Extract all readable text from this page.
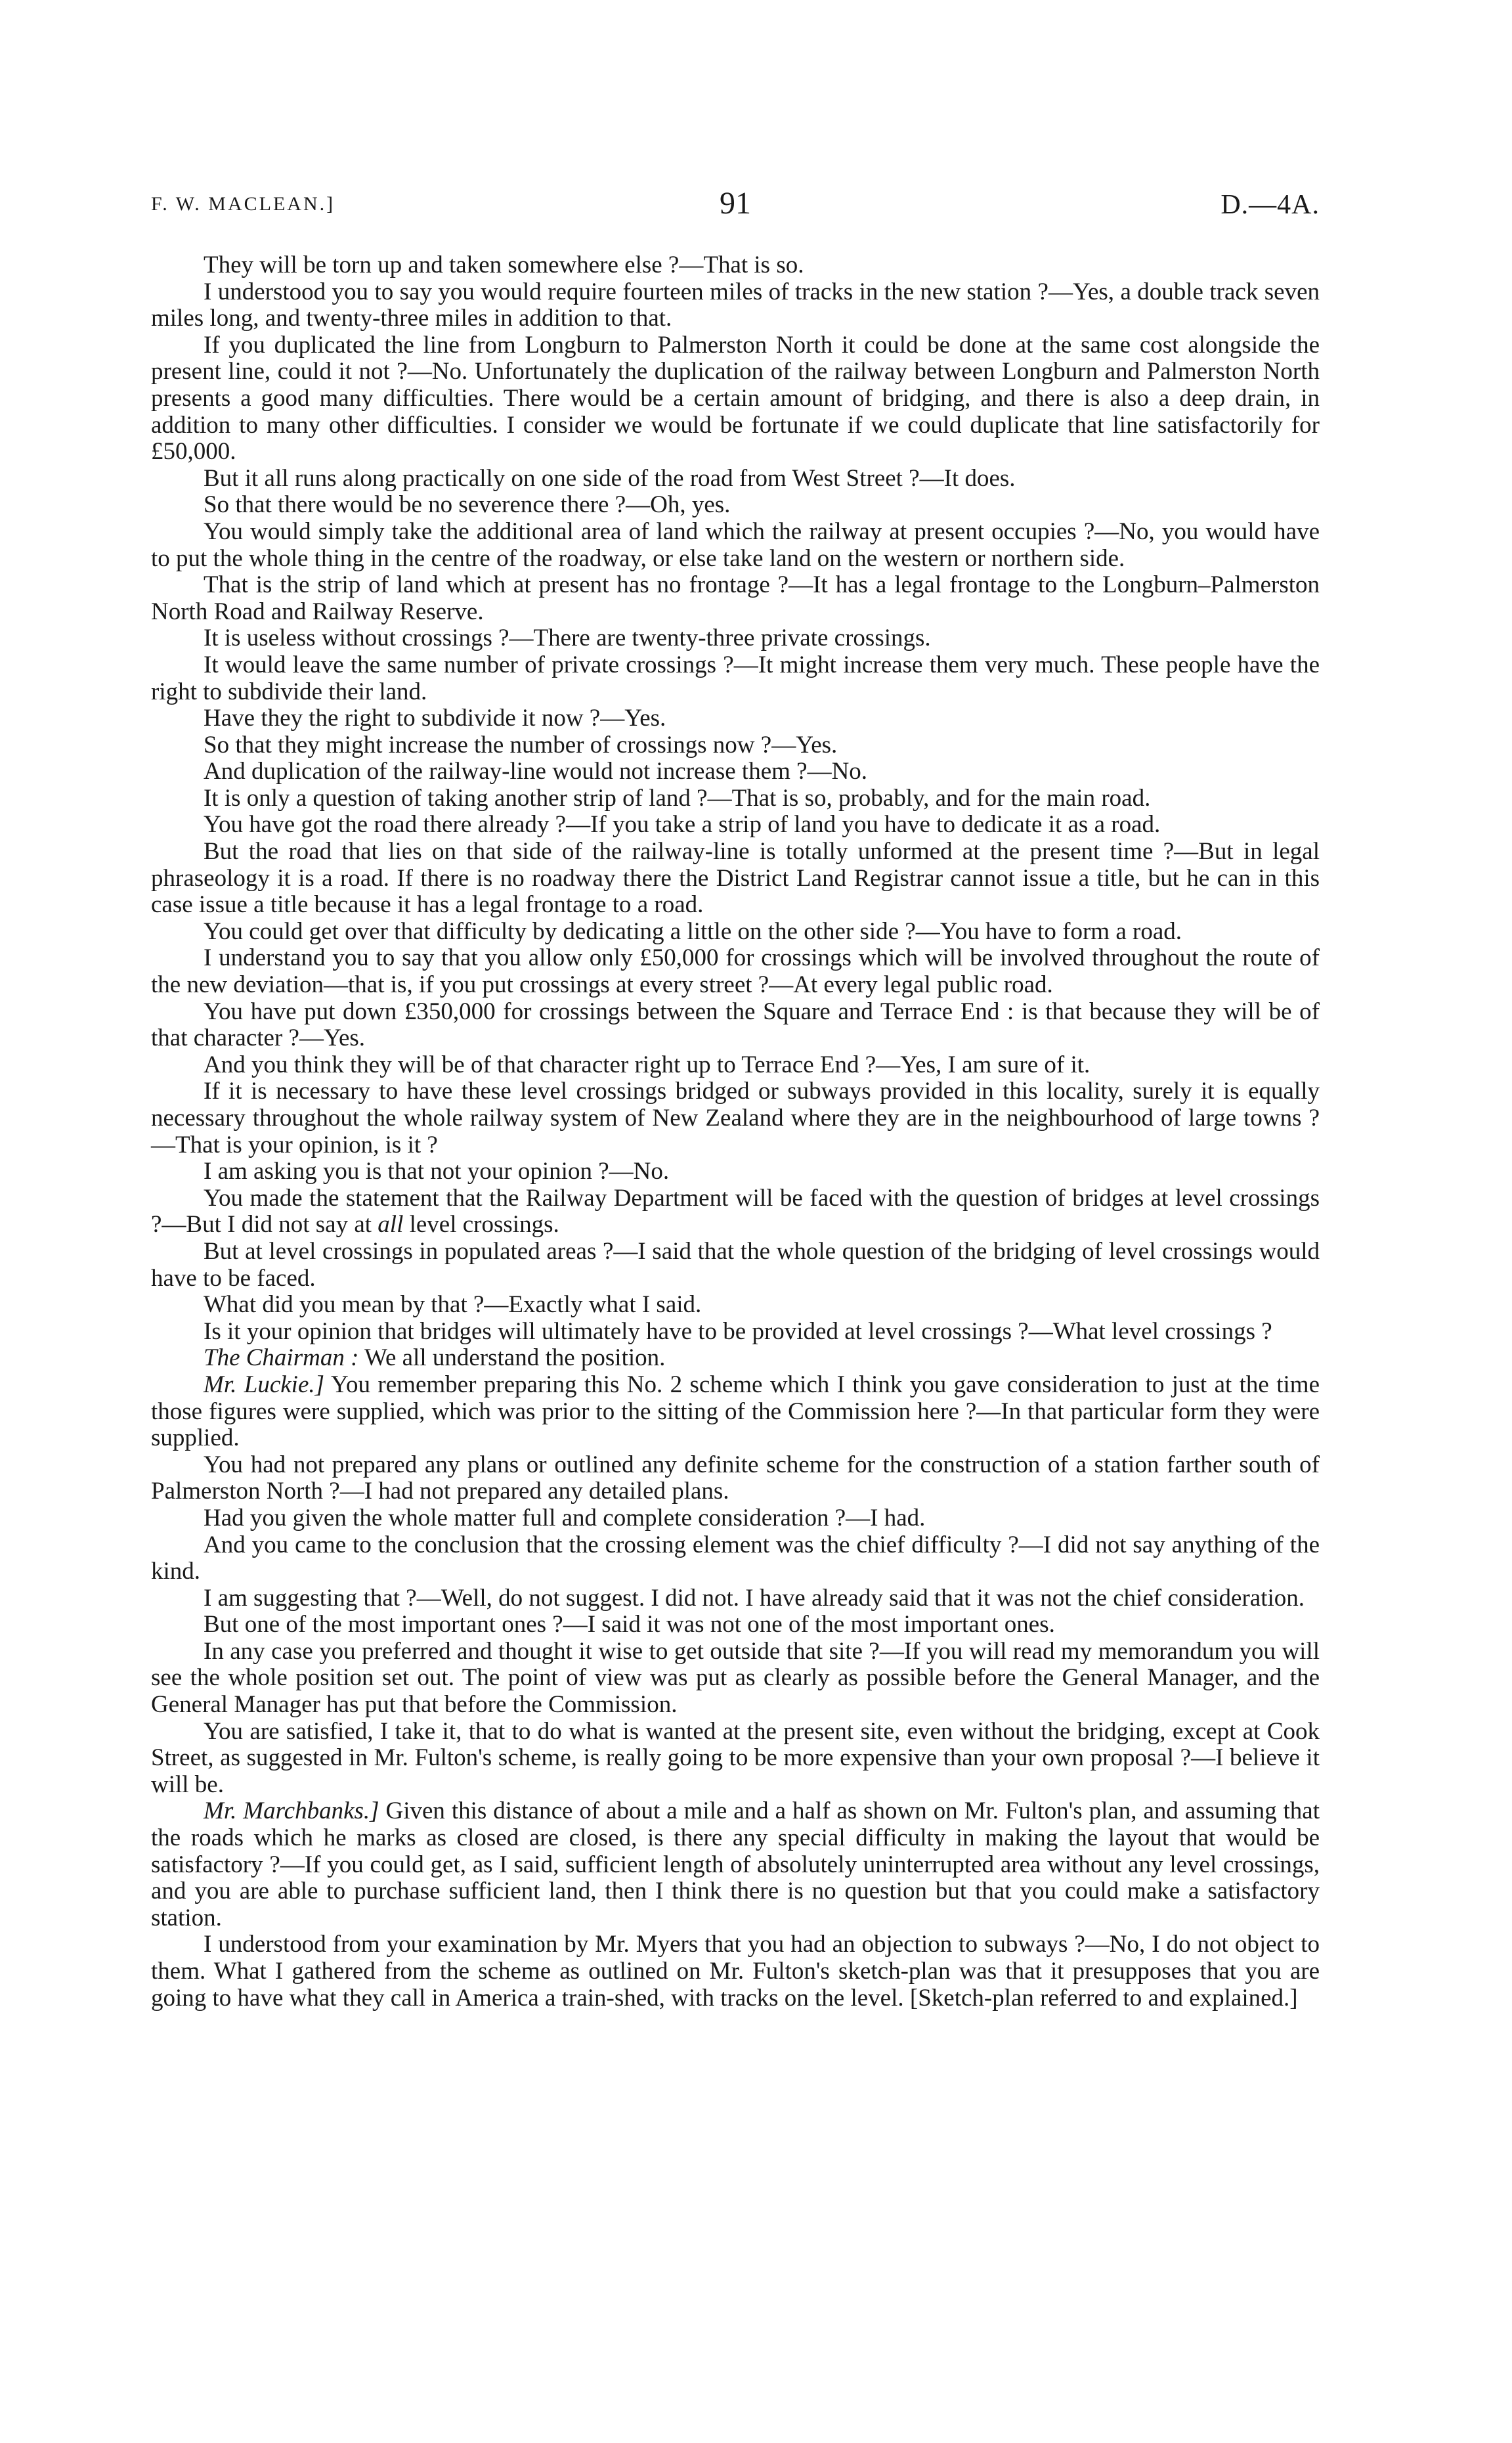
F. W. MACLEAN.]	91	D.—4A.

They will be torn up and taken somewhere else ?—That is so.

I understood you to say you would require fourteen miles of tracks in the new station ?—Yes, a double track seven miles long, and twenty-three miles in addition to that.

If you duplicated the line from Longburn to Palmerston North it could be done at the same cost alongside the present line, could it not ?—No. Unfortunately the duplication of the railway between Longburn and Palmerston North presents a good many difficulties. There would be a certain amount of bridging, and there is also a deep drain, in addition to many other difficulties. I consider we would be fortunate if we could duplicate that line satisfactorily for £50,000.

But it all runs along practically on one side of the road from West Street ?—It does.

So that there would be no severence there ?—Oh, yes.

You would simply take the additional area of land which the railway at present occupies ?—No, you would have to put the whole thing in the centre of the roadway, or else take land on the western or northern side.

That is the strip of land which at present has no frontage ?—It has a legal frontage to the Longburn–Palmerston North Road and Railway Reserve.

It is useless without crossings ?—There are twenty-three private crossings.

It would leave the same number of private crossings ?—It might increase them very much. These people have the right to subdivide their land.

Have they the right to subdivide it now ?—Yes.

So that they might increase the number of crossings now ?—Yes.

And duplication of the railway-line would not increase them ?—No.

It is only a question of taking another strip of land ?—That is so, probably, and for the main road.

You have got the road there already ?—If you take a strip of land you have to dedicate it as a road.

But the road that lies on that side of the railway-line is totally unformed at the present time ?—But in legal phraseology it is a road. If there is no roadway there the District Land Registrar cannot issue a title, but he can in this case issue a title because it has a legal frontage to a road.

You could get over that difficulty by dedicating a little on the other side ?—You have to form a road.

I understand you to say that you allow only £50,000 for crossings which will be involved throughout the route of the new deviation—that is, if you put crossings at every street ?—At every legal public road.

You have put down £350,000 for crossings between the Square and Terrace End : is that because they will be of that character ?—Yes.

And you think they will be of that character right up to Terrace End ?—Yes, I am sure of it.

If it is necessary to have these level crossings bridged or subways provided in this locality, surely it is equally necessary throughout the whole railway system of New Zealand where they are in the neighbourhood of large towns ?—That is your opinion, is it ?

I am asking you is that not your opinion ?—No.

You made the statement that the Railway Department will be faced with the question of bridges at level crossings ?—But I did not say at all level crossings.

But at level crossings in populated areas ?—I said that the whole question of the bridging of level crossings would have to be faced.

What did you mean by that ?—Exactly what I said.

Is it your opinion that bridges will ultimately have to be provided at level crossings ?—What level crossings ?

The Chairman : We all understand the position.

Mr. Luckie.] You remember preparing this No. 2 scheme which I think you gave consideration to just at the time those figures were supplied, which was prior to the sitting of the Commission here ?—In that particular form they were supplied.

You had not prepared any plans or outlined any definite scheme for the construction of a station farther south of Palmerston North ?—I had not prepared any detailed plans.

Had you given the whole matter full and complete consideration ?—I had.

And you came to the conclusion that the crossing element was the chief difficulty ?—I did not say anything of the kind.

I am suggesting that ?—Well, do not suggest. I did not. I have already said that it was not the chief consideration.

But one of the most important ones ?—I said it was not one of the most important ones.

In any case you preferred and thought it wise to get outside that site ?—If you will read my memorandum you will see the whole position set out. The point of view was put as clearly as possible before the General Manager, and the General Manager has put that before the Commission.

You are satisfied, I take it, that to do what is wanted at the present site, even without the bridging, except at Cook Street, as suggested in Mr. Fulton's scheme, is really going to be more expensive than your own proposal ?—I believe it will be.

Mr. Marchbanks.] Given this distance of about a mile and a half as shown on Mr. Fulton's plan, and assuming that the roads which he marks as closed are closed, is there any special difficulty in making the layout that would be satisfactory ?—If you could get, as I said, sufficient length of absolutely uninterrupted area without any level crossings, and you are able to purchase sufficient land, then I think there is no question but that you could make a satisfactory station.

I understood from your examination by Mr. Myers that you had an objection to subways ?—No, I do not object to them. What I gathered from the scheme as outlined on Mr. Fulton's sketch-plan was that it presupposes that you are going to have what they call in America a train-shed, with tracks on the level. [Sketch-plan referred to and explained.]
